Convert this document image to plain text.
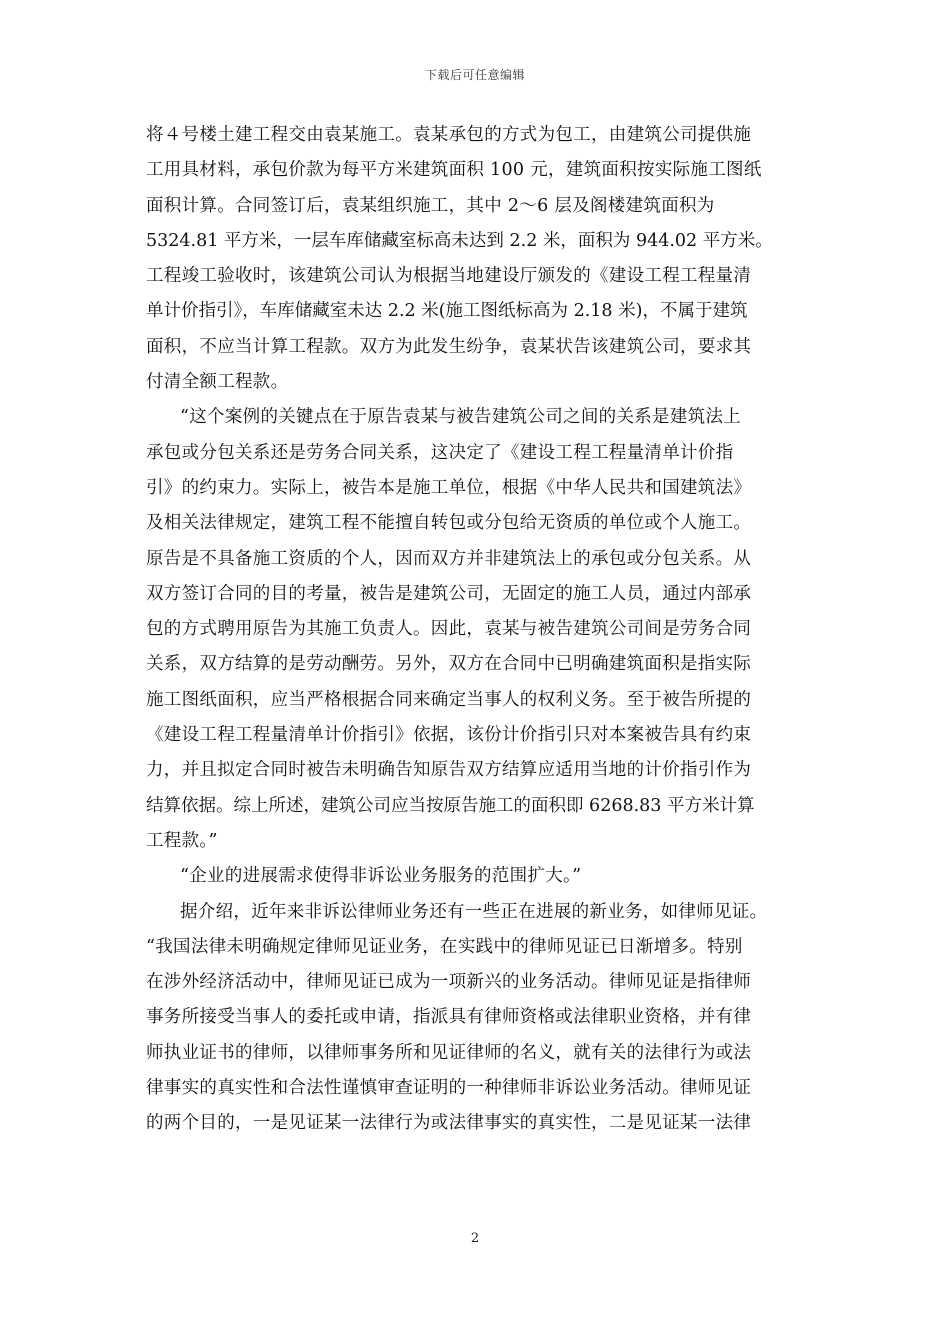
下载后可任意编辑
将４号楼土建工程交由袁某施工。袁某承包的方式为包工，由建筑公司提供施
工用具材料，承包价款为每平方米建筑面积 100 元，建筑面积按实际施工图纸
面积计算。合同签订后，袁某组织施工，其中 2～6 层及阁楼建筑面积为
5324.81 平方米，一层车库储藏室标高未达到 2.2 米，面积为 944.02 平方米。
工程竣工验收时，该建筑公司认为根据当地建设厅颁发的《建设工程工程量清
单计价指引》，车库储藏室未达 2.2 米(施工图纸标高为 2.18 米)，不属于建筑
面积，不应当计算工程款。双方为此发生纷争，袁某状告该建筑公司，要求其
付清全额工程款。
“这个案例的关键点在于原告袁某与被告建筑公司之间的关系是建筑法上
承包或分包关系还是劳务合同关系，这决定了《建设工程工程量清单计价指
引》的约束力。实际上，被告本是施工单位，根据《中华人民共和国建筑法》
及相关法律规定，建筑工程不能擅自转包或分包给无资质的单位或个人施工。
原告是不具备施工资质的个人，因而双方并非建筑法上的承包或分包关系。从
双方签订合同的目的考量，被告是建筑公司，无固定的施工人员，通过内部承
包的方式聘用原告为其施工负责人。因此，袁某与被告建筑公司间是劳务合同
关系，双方结算的是劳动酬劳。另外，双方在合同中已明确建筑面积是指实际
施工图纸面积，应当严格根据合同来确定当事人的权利义务。至于被告所提的
《建设工程工程量清单计价指引》依据，该份计价指引只对本案被告具有约束
力，并且拟定合同时被告未明确告知原告双方结算应适用当地的计价指引作为
结算依据。综上所述，建筑公司应当按原告施工的面积即 6268.83 平方米计算
工程款。”
“企业的进展需求使得非诉讼业务服务的范围扩大。”
据介绍，近年来非诉讼律师业务还有一些正在进展的新业务，如律师见证。
“我国法律未明确规定律师见证业务，在实践中的律师见证已日渐增多。特别
在涉外经济活动中，律师见证已成为一项新兴的业务活动。律师见证是指律师
事务所接受当事人的委托或申请，指派具有律师资格或法律职业资格，并有律
师执业证书的律师，以律师事务所和见证律师的名义，就有关的法律行为或法
律事实的真实性和合法性谨慎审查证明的一种律师非诉讼业务活动。律师见证
的两个目的，一是见证某一法律行为或法律事实的真实性，二是见证某一法律
2
